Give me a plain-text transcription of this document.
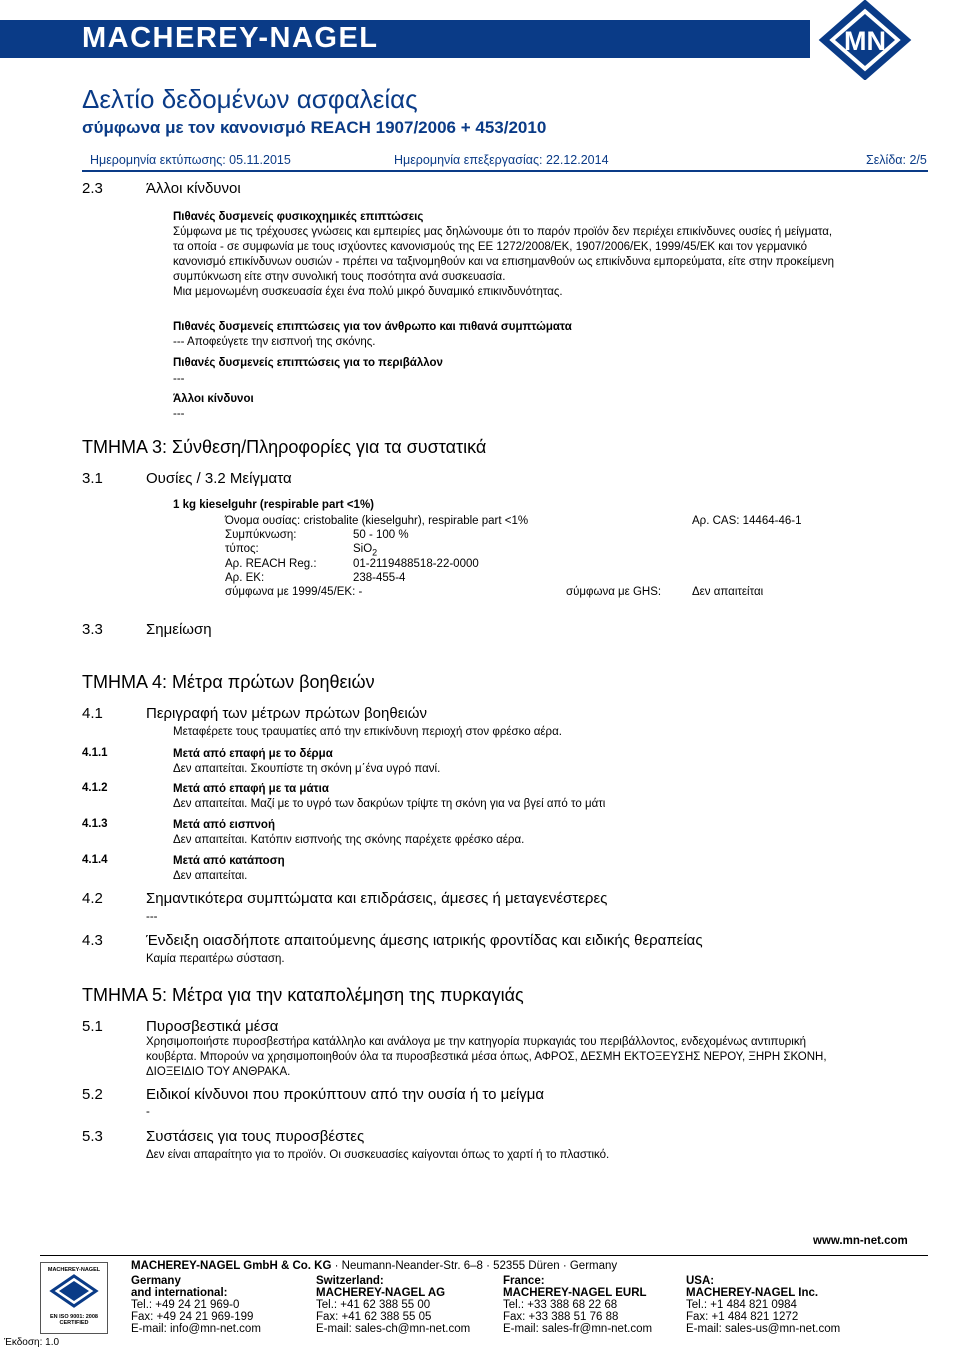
MACHEREY-NAGEL	MN
Δελτίο δεδομένων ασφαλείας
σύμφωνα με τον κανονισμό REACH 1907/2006 + 453/2010
Ημερομηνία εκτύπωσης: 05.11.2015	Ημερομηνία επεξεργασίας: 22.12.2014	Σελίδα: 2/5
2.3	Άλλοι κίνδυνοι
Πιθανές δυσμενείς φυσικοχημικές επιπτώσεις
Σύμφωνα με τις τρέχουσες γνώσεις και εμπειρίες μας δηλώνουμε ότι το παρόν προϊόν δεν περιέχει επικίνδυνες ουσίες ή μείγματα,
τα οποία - σε συμφωνία με τους ισχύοντες κανονισμούς της ΕΕ 1272/2008/ΕΚ, 1907/2006/ΕΚ, 1999/45/ΕΚ και τον γερμανικό
κανονισμό επικίνδυνων ουσιών - πρέπει να ταξινομηθούν και να επισημανθούν ως επικίνδυνα εμπορεύματα, είτε στην προκείμενη
συμπύκνωση είτε στην συνολική τους ποσότητα ανά συσκευασία.
Μια μεμονωμένη συσκευασία έχει ένα πολύ μικρό δυναμικό επικινδυνότητας.
Πιθανές δυσμενείς επιπτώσεις για τον άνθρωπο και πιθανά συμπτώματα
--- Αποφεύγετε την εισπνοή της σκόνης.
Πιθανές δυσμενείς επιπτώσεις για το περιβάλλον
---
Άλλοι κίνδυνοι
---
ΤΜΗΜΑ 3: Σύνθεση/Πληροφορίες για τα συστατικά
3.1	Ουσίες / 3.2 Μείγματα
1 kg kieselguhr (respirable part <1%)
Όνομα ουσίας: cristobalite (kieselguhr), respirable part <1%	Αρ. CAS: 14464-46-1
Συμπύκνωση:	50 - 100 %
τύπος:	SiO$_2$
Αρ. REACH Reg.:	01-2119488518-22-0000
Αρ. ΕΚ:	238-455-4
σύμφωνα με 1999/45/ΕΚ: -	σύμφωνα με GHS:	Δεν απαιτείται
3.3	Σημείωση
ΤΜΗΜΑ 4: Μέτρα πρώτων βοηθειών
4.1	Περιγραφή των μέτρων πρώτων βοηθειών
Μεταφέρετε τους τραυματίες από την επικίνδυνη περιοχή στον φρέσκο αέρα.
4.1.1	Μετά από επαφή με το δέρμα
Δεν απαιτείται. Σκουπίστε τη σκόνη μ΄ένα υγρό πανί.
4.1.2	Μετά από επαφή με τα μάτια
Δεν απαιτείται. Μαζί με το υγρό των δακρύων τρίψτε τη σκόνη για να βγεί από το μάτι
4.1.3	Μετά από εισπνοή
Δεν απαιτείται. Κατόπιν εισπνοής της σκόνης παρέχετε φρέσκο αέρα.
4.1.4	Μετά από κατάποση
Δεν απαιτείται.
4.2	Σημαντικότερα συμπτώματα και επιδράσεις, άμεσες ή μεταγενέστερες
---
4.3	Ένδειξη οιασδήποτε απαιτούμενης άμεσης ιατρικής φροντίδας και ειδικής θεραπείας
Καμία περαιτέρω σύσταση.
ΤΜΗΜΑ 5: Μέτρα για την καταπολέμηση της πυρκαγιάς
5.1	Πυροσβεστικά μέσα
Χρησιμοποιήστε πυροσβεστήρα κατάλληλο και ανάλογα με την κατηγορία πυρκαγιάς του περιβάλλοντος, ενδεχομένως αντιπυρική
κουβέρτα. Μπορούν να χρησιμοποιηθούν όλα τα πυροσβεστικά μέσα όπως, ΑΦΡΟΣ, ΔΕΣΜΗ ΕΚΤΟΞΕΥΣΗΣ ΝΕΡΟΥ, ΞΗΡΗ ΣΚΟΝΗ,
ΔΙΟΞΕΙΔΙΟ ΤΟΥ ΑΝΘΡΑΚΑ.
5.2	Ειδικοί κίνδυνοι που προκύπτουν από την ουσία ή το μείγμα
-
5.3	Συστάσεις για τους πυροσβέστες
Δεν είναι απαραίτητο για το προϊόν. Οι συσκευασίες καίγονται όπως το χαρτί ή το πλαστικό.
www.mn-net.com
MACHEREY-NAGEL
EN ISO 9001: 2008
CERTIFIED
Έκδοση: 1.0
MACHEREY-NAGEL GmbH & Co. KG · Neumann-Neander-Str. 6–8 · 52355 Düren · Germany
Germany
and international:
Tel.: +49 24 21 969-0
Fax: +49 24 21 969-199
E-mail: info@mn-net.com
Switzerland:
MACHEREY-NAGEL AG
Tel.: +41 62 388 55 00
Fax: +41 62 388 55 05
E-mail: sales-ch@mn-net.com
France:
MACHEREY-NAGEL EURL
Tel.: +33 388 68 22 68
Fax: +33 388 51 76 88
E-mail: sales-fr@mn-net.com
USA:
MACHEREY-NAGEL Inc.
Tel.: +1 484 821 0984
Fax: +1 484 821 1272
E-mail: sales-us@mn-net.com
